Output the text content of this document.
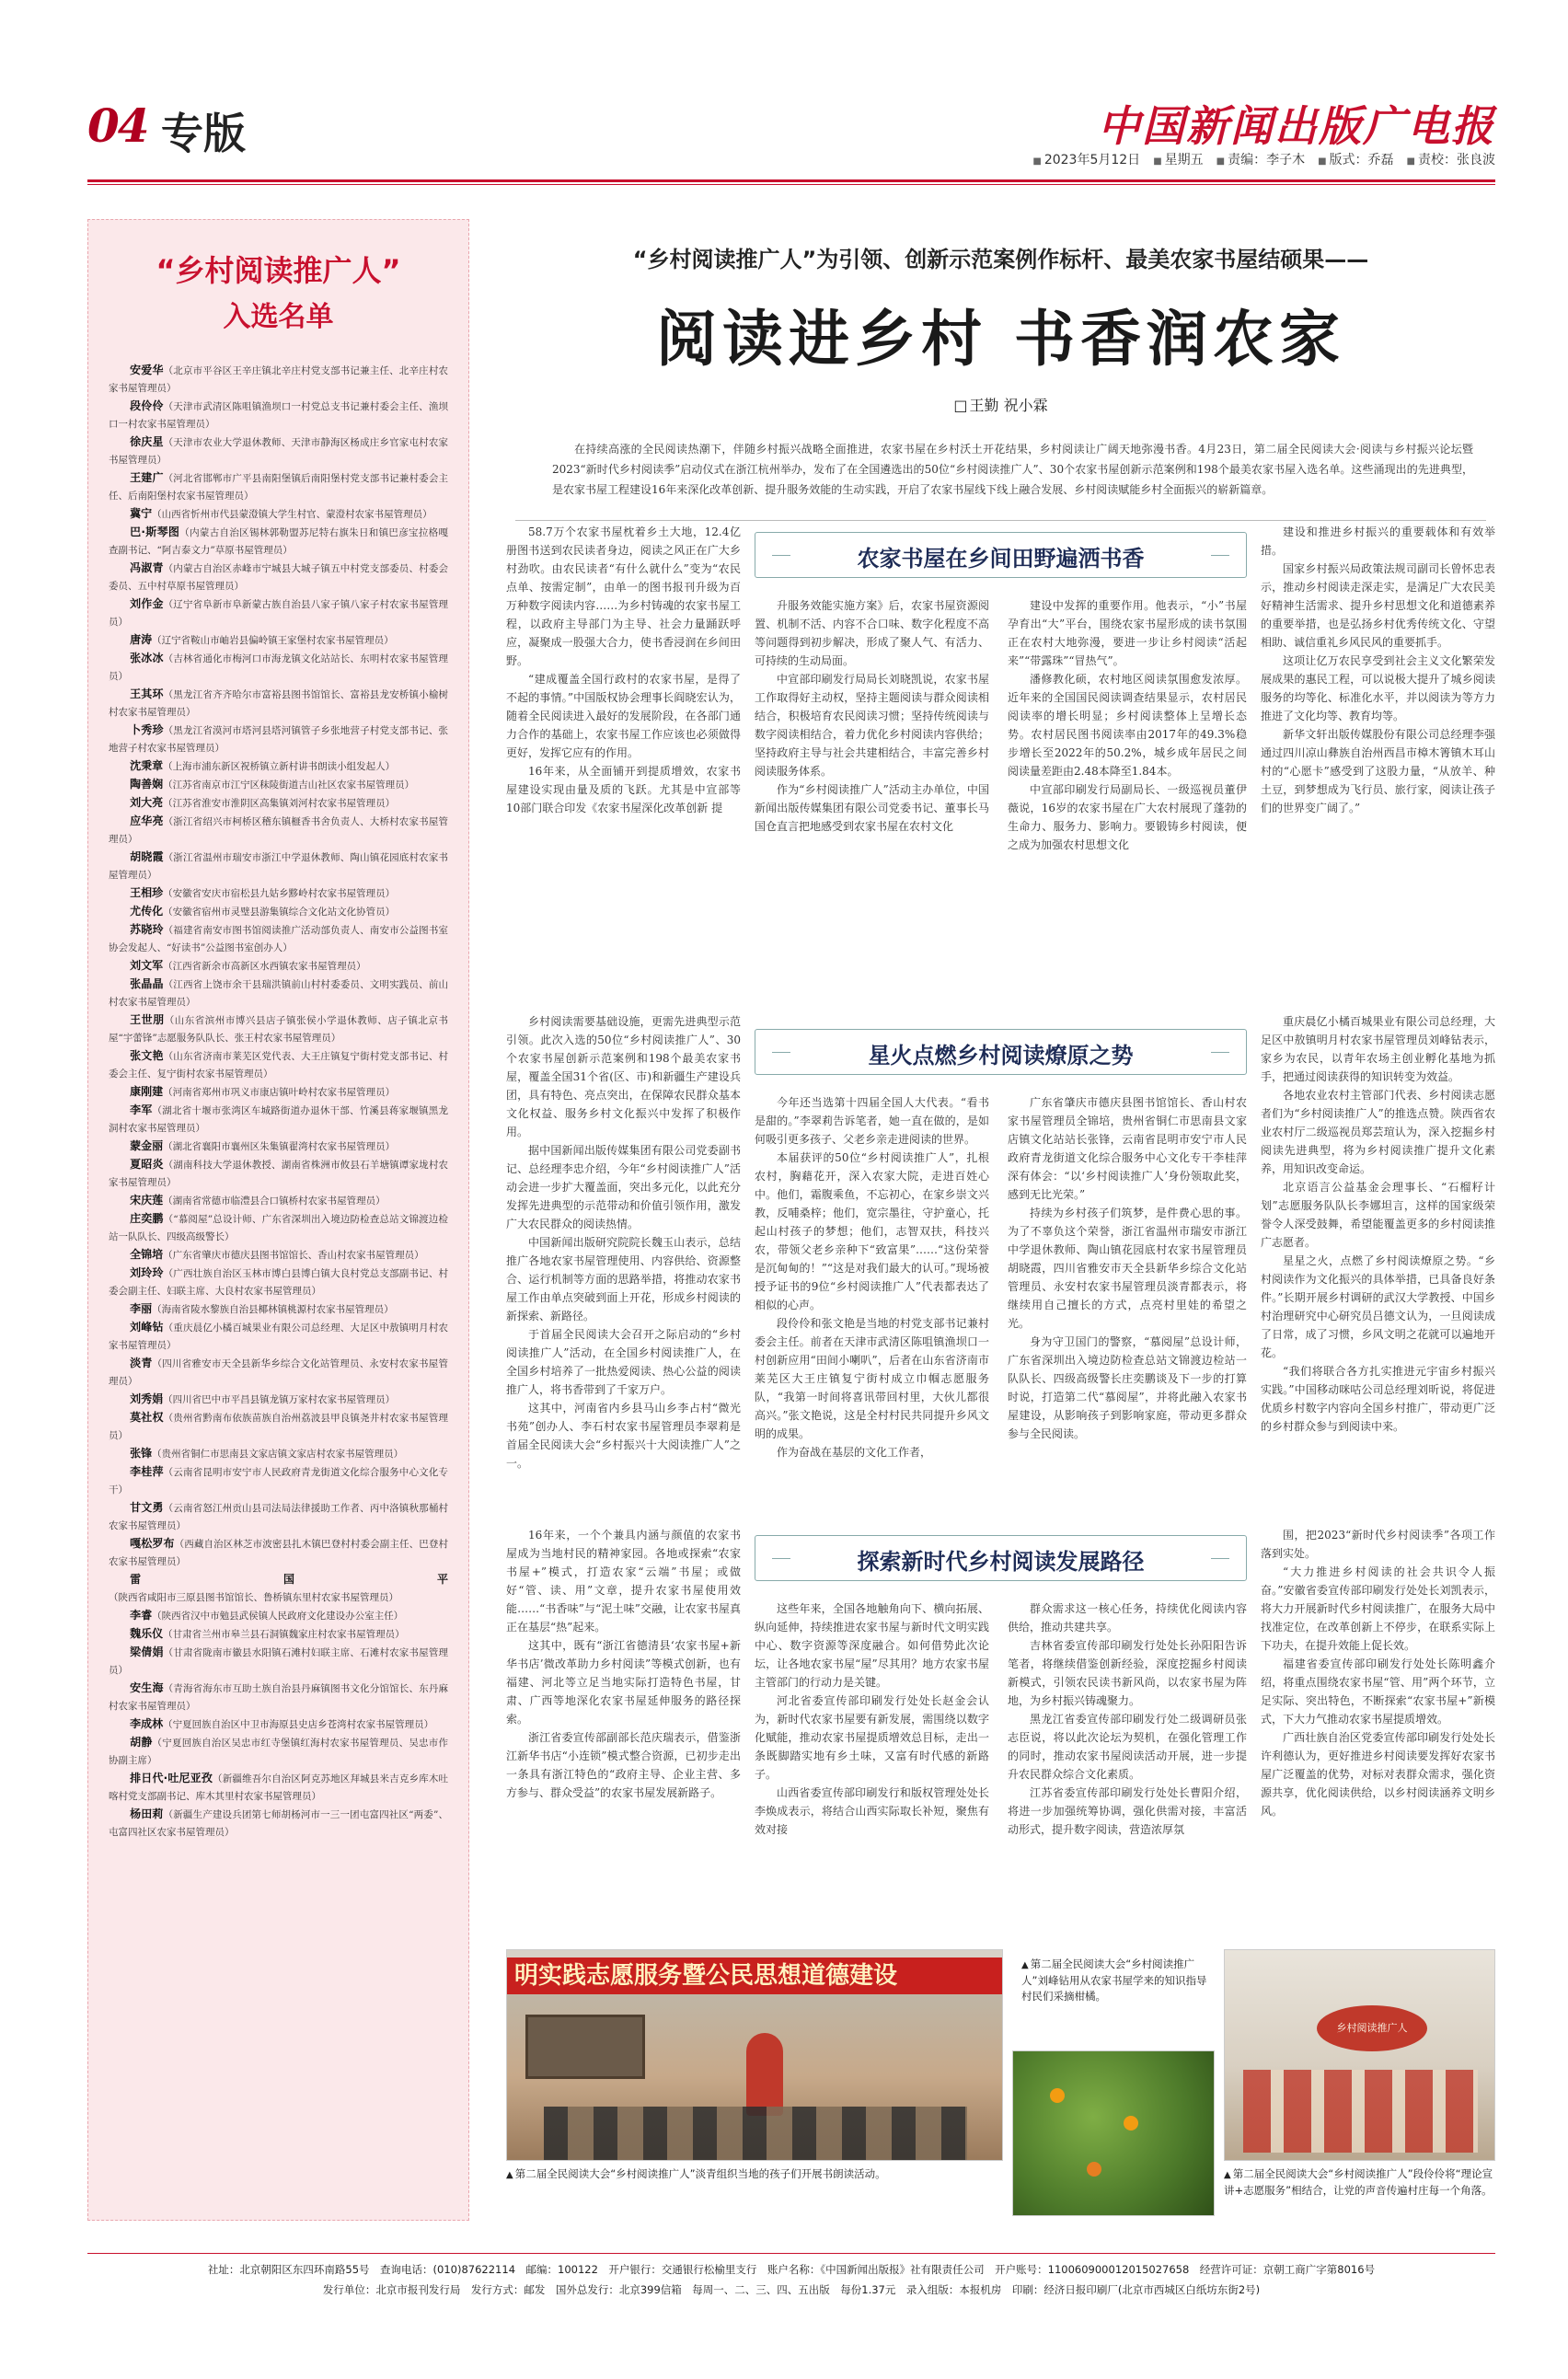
04 专版	中国新闻出版广电报
■ 2023年5月12日	■ 星期五	■ 责编：李子木	■ 版式：乔磊	■ 责校：张良波
“乡村阅读推广人”
入选名单
安爱华（北京市平谷区王辛庄镇北辛庄村党支部书记兼主任、北辛庄村农家书屋管理员）
段伶伶（天津市武清区陈咀镇渔坝口一村党总支书记兼村委会主任、渔坝口一村农家书屋管理员）
徐庆星（天津市农业大学退休教师、天津市静海区杨成庄乡官家屯村农家书屋管理员）
王建广（河北省邯郸市广平县南阳堡镇后南阳堡村党支部书记兼村委会主任、后南阳堡村农家书屋管理员）
冀宁（山西省忻州市代县蒙澄镇大学生村官、蒙澄村农家书屋管理员）
巴·斯琴图（内蒙古自治区锡林郭勒盟苏尼特右旗朱日和镇巴彦宝拉格嘎查副书记、“阿吉泰文力”草原书屋管理员）
冯淑青（内蒙古自治区赤峰市宁城县大城子镇五中村党支部委员、村委会委员、五中村草原书屋管理员）
刘作金（辽宁省阜新市阜新蒙古族自治县八家子镇八家子村农家书屋管理员）
唐涛（辽宁省鞍山市岫岩县偏岭镇王家堡村农家书屋管理员）
张冰冰（吉林省通化市梅河口市海龙镇文化站站长、东明村农家书屋管理员）
王其环（黑龙江省齐齐哈尔市富裕县图书馆馆长、富裕县龙安桥镇小榆树村农家书屋管理员）
卜秀珍（黑龙江省漠河市塔河县塔河镇管子乡张地营子村党支部书记、张地营子村农家书屋管理员）
沈秉章（上海市浦东新区祝桥镇立新村讲书朗读小组发起人）
陶善娴（江苏省南京市江宁区秣陵街道吉山社区农家书屋管理员）
刘大亮（江苏省淮安市淮阴区高集镇刘河村农家书屋管理员）
应华亮（浙江省绍兴市柯桥区稽东镇榧香书舍负责人、大桥村农家书屋管理员）
胡晓霞（浙江省温州市瑞安市浙江中学退休教师、陶山镇花园底村农家书屋管理员）
王相珍（安徽省安庆市宿松县九姑乡黟岭村农家书屋管理员）
尤传化（安徽省宿州市灵璧县游集镇综合文化站文化协管员）
苏晓玲（福建省南安市图书馆阅读推广活动部负责人、南安市公益图书室协会发起人、“好读书”公益图书室创办人）
刘文军（江西省新余市高新区水西镇农家书屋管理员）
张晶晶（江西省上饶市余干县瑞洪镇前山村村委委员、文明实践员、前山村农家书屋管理员）
王世朋（山东省滨州市博兴县店子镇张侯小学退休教师、店子镇北京书屋“宇蕾锋”志愿服务队队长、张王村农家书屋管理员）
张文艳（山东省济南市莱芜区党代表、大王庄镇复宁街村党支部书记、村委会主任、复宁街村农家书屋管理员）
康刚建（河南省郑州市巩义市康店镇叶岭村农家书屋管理员）
李军（湖北省十堰市张湾区车城路街道办退休干部、竹溪县蒋家堰镇黑龙洞村农家书屋管理员）
蒙金丽（湖北省襄阳市襄州区朱集镇翟湾村农家书屋管理员）
夏昭炎（湖南科技大学退休教授、湖南省株洲市攸县石羊塘镇谭家垅村农家书屋管理员）
宋庆莲（湖南省常德市临澧县合口镇桥村农家书屋管理员）
庄奕鹏（“慕阅屋”总设计师、广东省深圳出入境边防检查总站文锦渡边检站一队队长、四级高级警长）
全锦培（广东省肇庆市德庆县图书馆馆长、香山村农家书屋管理员）
刘玲玲（广西壮族自治区玉林市博白县博白镇大良村党总支部副书记、村委会副主任、妇联主席、大良村农家书屋管理员）
李丽（海南省陵水黎族自治县椰林镇桃源村农家书屋管理员）
刘峰钻（重庆晨亿小橘百城果业有限公司总经理、大足区中敖镇明月村农家书屋管理员）
淡青（四川省雅安市天全县新华乡综合文化站管理员、永安村农家书屋管理员）
刘秀娟（四川省巴中市平昌县镇龙镇万家村农家书屋管理员）
莫社权（贵州省黔南布依族苗族自治州荔波县甲良镇尧井村农家书屋管理员）
张锋（贵州省铜仁市思南县文家店镇文家店村农家书屋管理员）
李桂萍（云南省昆明市安宁市人民政府青龙街道文化综合服务中心文化专干）
甘文勇（云南省怒江州贡山县司法局法律援助工作者、丙中洛镇秋那桶村农家书屋管理员）
嘎松罗布（西藏自治区林芝市波密县扎木镇巴登村村委会副主任、巴登村农家书屋管理员）
雷国平（陕西省咸阳市三原县图书馆馆长、鲁桥镇东里村农家书屋管理员）
李睿（陕西省汉中市勉县武侯镇人民政府文化建设办公室主任）
魏乐仪（甘肃省兰州市皋兰县石洞镇魏家庄村农家书屋管理员）
梁倩娟（甘肃省陇南市徽县水阳镇石滩村妇联主席、石滩村农家书屋管理员）
安生海（青海省海东市互助土族自治县丹麻镇图书文化分馆馆长、东丹麻村农家书屋管理员）
李成林（宁夏回族自治区中卫市海原县史店乡苍湾村农家书屋管理员）
胡静（宁夏回族自治区吴忠市红寺堡镇红海村农家书屋管理员、吴忠市作协副主席）
排日代·吐尼亚孜（新疆维吾尔自治区阿克苏地区拜城县米吉克乡库木吐喀村党支部副书记、库木其里村农家书屋管理员）
杨田莉（新疆生产建设兵团第七师胡杨河市一三一团屯富四社区“两委”、屯富四社区农家书屋管理员）
“乡村阅读推广人”为引领、创新示范案例作标杆、最美农家书屋结硕果——
阅读进乡村 书香润农家
□ 王勤 祝小霖
在持续高涨的全民阅读热潮下，伴随乡村振兴战略全面推进，农家书屋在乡村沃土开花结果，乡村阅读让广阔天地弥漫书香。4月23日，第二届全民阅读大会·阅读与乡村振兴论坛暨2023“新时代乡村阅读季”启动仪式在浙江杭州举办，发布了在全国遴选出的50位“乡村阅读推广人”、30个农家书屋创新示范案例和198个最美农家书屋入选名单。这些涌现出的先进典型，是农家书屋工程建设16年来深化改革创新、提升服务效能的生动实践，开启了农家书屋线下线上融合发展、乡村阅读赋能乡村全面振兴的崭新篇章。

58.7万个农家书屋枕着乡土大地，12.4亿册图书送到农民读者身边，阅读之风正在广大乡村劲吹。由农民读者“有什么就什么”变为“农民点单、按需定制”，由单一的图书报刊升级为百万种数字阅读内容……为乡村铸魂的农家书屋工程，以政府主导部门为主导、社会力量踊跃呼应，凝聚成一股强大合力，使书香浸润在乡间田野。

“建成覆盖全国行政村的农家书屋，是得了不起的事情。”中国版权协会理事长阎晓宏认为，随着全民阅读进入最好的发展阶段，在各部门通力合作的基础上，农家书屋工作应该也必须做得更好，发挥它应有的作用。

16年来，从全面铺开到提质增效，农家书屋建设实现由量及质的飞跃。尤其是中宣部等10部门联合印发《农家书屋深化改革创新 提

农家书屋在乡间田野遍洒书香

升服务效能实施方案》后，农家书屋资源阅置、机制不活、内容不合口味、数字化程度不高等问题得到初步解决，形成了聚人气、有活力、可持续的生动局面。

中宣部印刷发行局局长刘晓凯说，农家书屋工作取得好主动权，坚持主题阅读与群众阅读相结合，积极培育农民阅读习惯；坚持传统阅读与数字阅读相结合，着力优化乡村阅读内容供给；坚持政府主导与社会共建相结合，丰富完善乡村阅读服务体系。

作为“乡村阅读推广人”活动主办单位，中国新闻出版传媒集团有限公司党委书记、董事长马国仓直言把地感受到农家书屋在农村文化

建设中发挥的重要作用。他表示，“小”书屋孕育出“大”平台，围绕农家书屋形成的读书氛围正在农村大地弥漫，要进一步让乡村阅读“活起来”“带露珠”“冒热气”。

潘修教化硕，农村地区阅读氛围愈发浓厚。近年来的全国国民阅读调查结果显示，农村居民阅读率的增长明显；乡村阅读整体上呈增长态势。农村居民图书阅读率由2017年的49.3%稳步增长至2022年的50.2%，城乡成年居民之间阅读量差距由2.48本降至1.84本。

中宣部印刷发行局副局长、一级巡视员董伊薇说，16岁的农家书屋在广大农村展现了蓬勃的生命力、服务力、影响力。要锻铸乡村阅读，便之成为加强农村思想文化

建设和推进乡村振兴的重要载体和有效举措。

国家乡村振兴局政策法规司副司长曾怀忠表示，推动乡村阅读走深走实，是满足广大农民美好精神生活需求、提升乡村思想文化和道德素养的重要举措，也是弘扬乡村优秀传统文化、守望相助、诚信重礼乡风民风的重要抓手。

这项让亿万农民享受到社会主义文化繁荣发展成果的惠民工程，可以说极大提升了城乡阅读服务的均等化、标准化水平，并以阅读为等方力推进了文化均等、教育均等。

新华文轩出版传媒股份有限公司总经理李强通过四川凉山彝族自治州西昌市樟木箐镇木耳山村的“心愿卡”感受到了这股力量，“从放羊、种土豆，到梦想成为飞行员、旅行家，阅读让孩子们的世界变广阔了。”

乡村阅读需要基础设施，更需先进典型示范引领。此次入选的50位“乡村阅读推广人”、30个农家书屋创新示范案例和198个最美农家书屋，覆盖全国31个省(区、市)和新疆生产建设兵团，具有特色、亮点突出，在保障农民群众基本文化权益、服务乡村文化振兴中发挥了积极作用。

据中国新闻出版传媒集团有限公司党委副书记、总经理李忠介绍，今年“乡村阅读推广人”活动会进一步扩大覆盖面，突出多元化，以此充分发挥先进典型的示范带动和价值引领作用，激发广大农民群众的阅读热情。

中国新闻出版研究院院长魏玉山表示，总结推广各地农家书屋管理使用、内容供给、资源整合、运行机制等方面的思路举措，将推动农家书屋工作由单点突破到面上开花，形成乡村阅读的新探索、新路径。

于首届全民阅读大会召开之际启动的“乡村阅读推广人”活动，在全国乡村阅读推广人，在全国乡村培养了一批热爱阅读、热心公益的阅读推广人，将书香带到了千家万户。

这其中，河南省内乡县马山乡李占村“微光书苑”创办人、李石村农家书屋管理员李翠莉是首届全民阅读大会“乡村振兴十大阅读推广人”之一。

星火点燃乡村阅读燎原之势

今年还当选第十四届全国人大代表。“看书是甜的。”李翠莉告诉笔者，她一直在做的，是如何吸引更多孩子、父老乡亲走进阅读的世界。

本届获评的50位“乡村阅读推广人”，扎根农村，胸藉花开，深入农家大院，走进百姓心中。他们，霜腹乘鱼，不忘初心，在家乡崇文兴教，反哺桑梓；他们，宽宗墨往，守护童心，托起山村孩子的梦想；他们，志智双扶，科技兴农，带领父老乡亲种下“致富果”……“这份荣誉是沉甸甸的！”“这是对我们最大的认可。”现场被授予证书的9位“乡村阅读推广人”代表都表达了相似的心声。

段伶伶和张文艳是当地的村党支部书记兼村委会主任。前者在天津市武清区陈咀镇渔坝口一村创新应用“田间小喇叭”，后者在山东省济南市莱芜区大王庄镇复宁街村成立巾帼志愿服务队，“我第一时间将喜讯带回村里，大伙儿都很高兴。”张文艳说，这是全村村民共同提升乡风文明的成果。

作为奋战在基层的文化工作者，

广东省肇庆市德庆县图书馆馆长、香山村农家书屋管理员全锦培，贵州省铜仁市思南县文家店镇文化站站长张锋，云南省昆明市安宁市人民政府青龙街道文化综合服务中心文化专干李桂萍深有体会：“以‘乡村阅读推广人’身份领取此奖，感到无比光荣。”

持续为乡村孩子们筑梦，是件费心思的事。为了不辜负这个荣誉，浙江省温州市瑞安市浙江中学退休教师、陶山镇花园底村农家书屋管理员胡晓霞，四川省雅安市天全县新华乡综合文化站管理员、永安村农家书屋管理员淡青都表示，将继续用自己擅长的方式，点亮村里娃的希望之光。

身为守卫国门的警察，“慕阅屋”总设计师，广东省深圳出入境边防检查总站文锦渡边检站一队队长、四级高级警长庄奕鹏谈及下一步的打算时说，打造第二代“慕阅屋”，并将此融入农家书屋建设，从影响孩子到影响家庭，带动更多群众参与全民阅读。

重庆晨亿小橘百城果业有限公司总经理，大足区中敖镇明月村农家书屋管理员刘峰钻表示，家乡为农民，以青年农场主创业孵化基地为抓手，把通过阅读获得的知识转变为效益。

各地农业农村主管部门代表、乡村阅读志愿者们为“乡村阅读推广人”的推选点赞。陕西省农业农村厅二级巡视员郑芸瑄认为，深入挖掘乡村阅读先进典型，将为乡村阅读推广提升文化素养，用知识改变命运。

北京语言公益基金会理事长、“石榴籽计划”志愿服务队队长李娜坦言，这样的国家级荣誉令人深受鼓舞，希望能覆盖更多的乡村阅读推广志愿者。

星星之火，点燃了乡村阅读燎原之势。“乡村阅读作为文化振兴的具体举措，已具备良好条件。”长期开展乡村调研的武汉大学教授、中国乡村治理研究中心研究员吕德文认为，一旦阅读成了日常，成了习惯，乡风文明之花就可以遍地开花。

“我们将联合各方扎实推进元宇宙乡村振兴实践。”中国移动咪咕公司总经理刘昕说，将促进优质乡村数字内容向全国乡村推广，带动更广泛的乡村群众参与到阅读中来。

16年来，一个个兼具内涵与颜值的农家书屋成为当地村民的精神家园。各地或探索“农家书屋+”模式，打造农家“云端”书屋；或做好“管、读、用”文章，提升农家书屋使用效能……“书香味”与“泥土味”交融，让农家书屋真正在基层“热”起来。

这其中，既有“浙江省德清县‘农家书屋+新华书店’微改革助力乡村阅读”等模式创新，也有福建、河北等立足当地实际打造特色书屋，甘肃、广西等地深化农家书屋延伸服务的路径探索。

浙江省委宣传部副部长范庆瑞表示，借鉴浙江新华书店“小连锁”模式整合资源，已初步走出一条具有浙江特色的“政府主导、企业主营、多方参与、群众受益”的农家书屋发展新路子。

探索新时代乡村阅读发展路径

这些年来，全国各地触角向下、横向拓展、纵向延伸，持续推进农家书屋与新时代文明实践中心、数字资源等深度融合。如何借势此次论坛，让各地农家书屋“屋”尽其用？地方农家书屋主管部门的行动力是关键。

河北省委宣传部印刷发行处处长赵金会认为，新时代农家书屋要有新发展，需围绕以数字化赋能，推动农家书屋提质增效总目标，走出一条既脚踏实地有乡土味，又富有时代感的新路子。

山西省委宣传部印刷发行和版权管理处处长李焕成表示，将结合山西实际取长补短，聚焦有效对接

群众需求这一核心任务，持续优化阅读内容供给，推动共建共享。

吉林省委宣传部印刷发行处处长孙阳阳告诉笔者，将继续借鉴创新经验，深度挖掘乡村阅读新模式，引领农民读书新风尚，以农家书屋为阵地，为乡村振兴铸魂聚力。

黑龙江省委宣传部印刷发行处二级调研员张志臣说，将以此次论坛为契机，在强化管理工作的同时，推动农家书屋阅读活动开展，进一步提升农民群众综合文化素质。

江苏省委宣传部印刷发行处处长曹阳介绍，将进一步加强统筹协调，强化供需对接，丰富活动形式，提升数字阅读，营造浓厚氛

围，把2023“新时代乡村阅读季”各项工作落到实处。

“大力推进乡村阅读的社会共识令人振奋。”安徽省委宣传部印刷发行处处长刘凯表示，将大力开展新时代乡村阅读推广，在服务大局中找准定位，在改革创新上不停步，在联系实际上下功夫，在提升效能上促长效。

福建省委宣传部印刷发行处处长陈明鑫介绍，将重点围绕农家书屋“管、用”两个环节，立足实际、突出特色，不断探索“农家书屋+”新模式，下大力气推动农家书屋提质增效。

广西壮族自治区党委宣传部印刷发行处处长许利德认为，更好推进乡村阅读要发挥好农家书屋广泛覆盖的优势，对标对表群众需求，强化资源共享，优化阅读供给，以乡村阅读涵养文明乡风。

明实践志愿服务暨公民思想道德建设
▲ 第二届全民阅读大会“乡村阅读推广人”淡青组织当地的孩子们开展书朗读活动。
▲ 第二届全民阅读大会“乡村阅读推广人”刘峰钻用从农家书屋学来的知识指导村民们采摘柑橘。
乡村阅读推广人
▲ 第二届全民阅读大会“乡村阅读推广人”段伶伶将“理论宣讲+志愿服务”相结合，让党的声音传遍村庄每一个角落。
社址：北京朝阳区东四环南路55号　查询电话：(010)87622114　邮编：100122　开户银行：交通银行松榆里支行　账户名称：《中国新闻出版报》社有限责任公司　开户账号：110060900012015027658　经营许可证：京朝工商广字第8016号
发行单位：北京市报刊发行局　发行方式：邮发　国外总发行：北京399信箱　每周一、二、三、四、五出版　每份1.37元　录入组版：本报机房　印刷：经济日报印刷厂(北京市西城区白纸坊东街2号)
